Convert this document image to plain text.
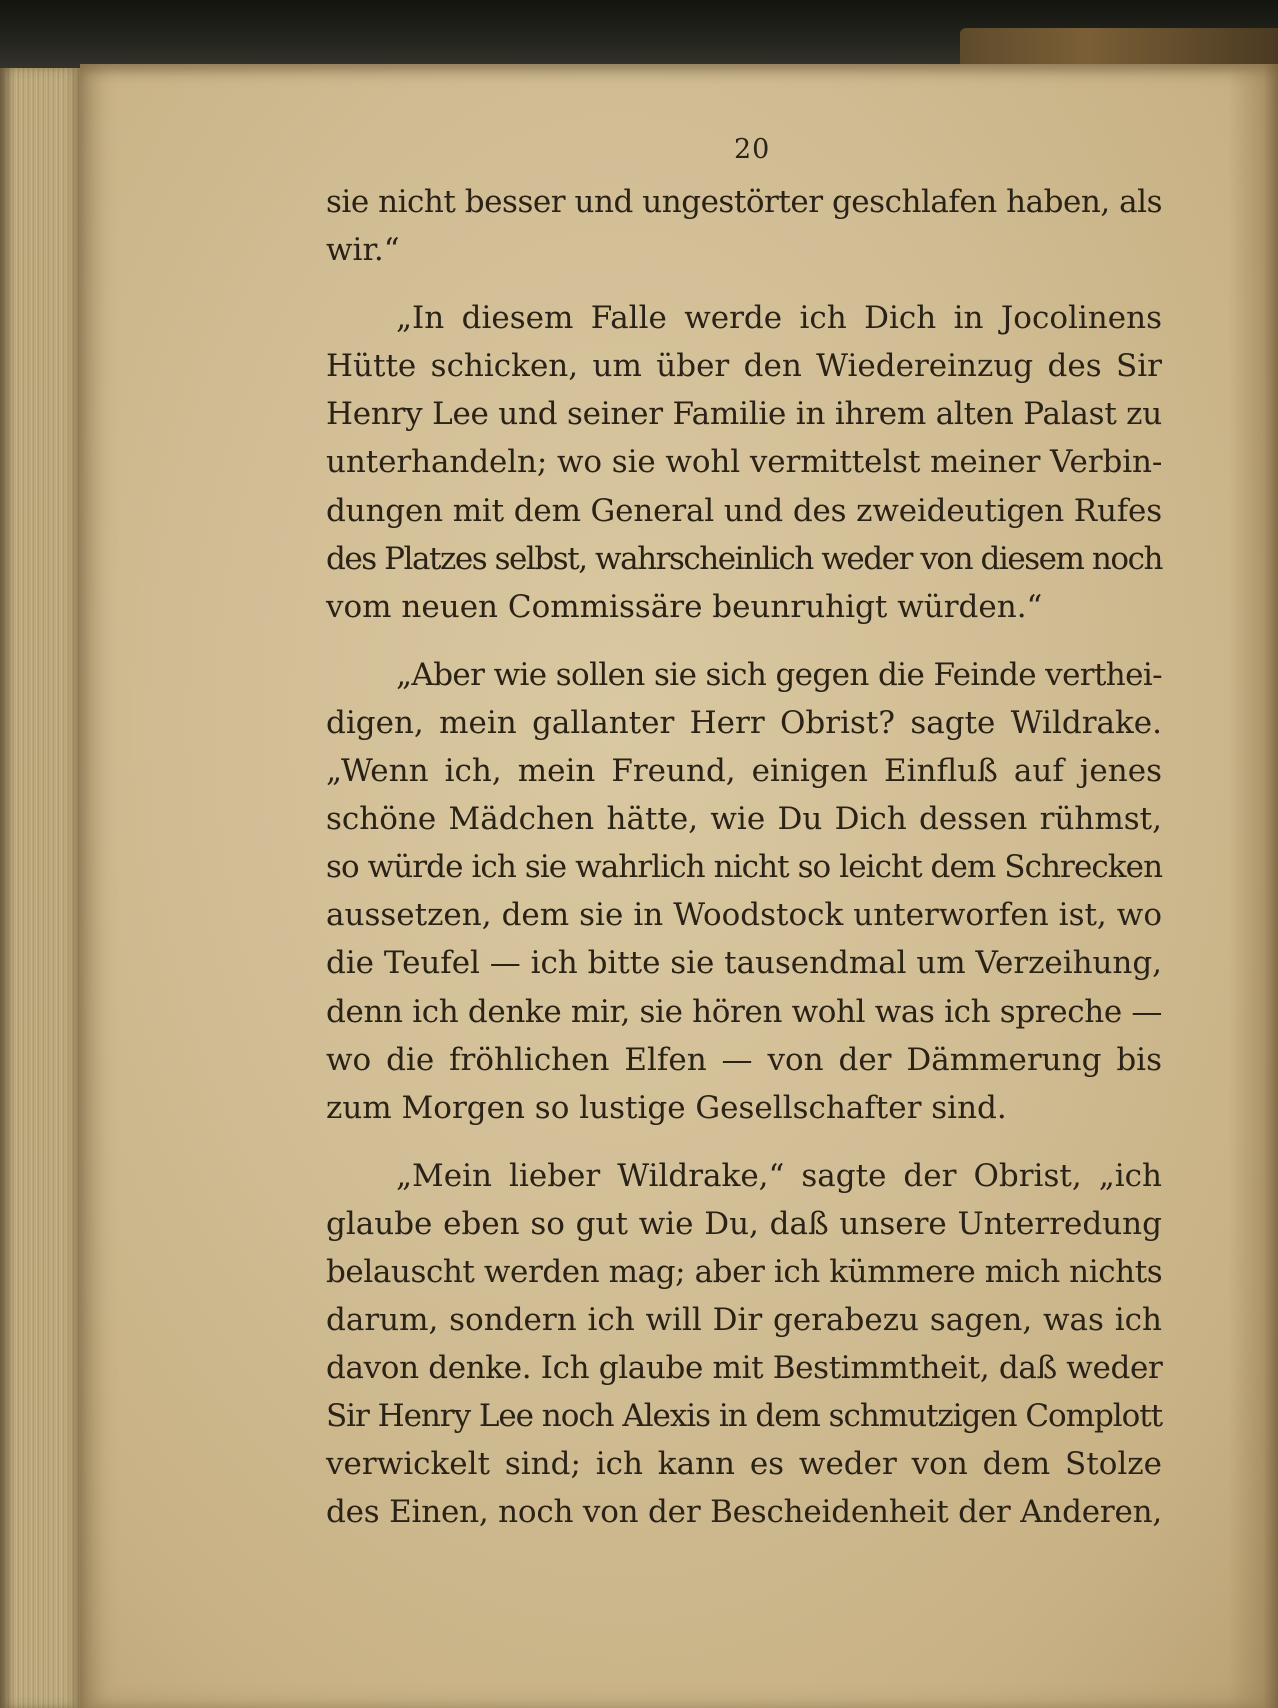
20
sie nicht besser und ungestörter geschlafen haben, als
wir.“
„In diesem Falle werde ich Dich in Jocolinens
Hütte schicken, um über den Wiedereinzug des Sir
Henry Lee und seiner Familie in ihrem alten Palast zu
unterhandeln; wo sie wohl vermittelst meiner Verbin-
dungen mit dem General und des zweideutigen Rufes
des Platzes selbst, wahrscheinlich weder von diesem noch
vom neuen Commissäre beunruhigt würden.“
„Aber wie sollen sie sich gegen die Feinde verthei-
digen, mein gallanter Herr Obrist? sagte Wildrake.
„Wenn ich, mein Freund, einigen Einfluß auf jenes
schöne Mädchen hätte, wie Du Dich dessen rühmst,
so würde ich sie wahrlich nicht so leicht dem Schrecken
aussetzen, dem sie in Woodstock unterworfen ist, wo
die Teufel — ich bitte sie tausendmal um Verzeihung,
denn ich denke mir, sie hören wohl was ich spreche —
wo die fröhlichen Elfen — von der Dämmerung bis
zum Morgen so lustige Gesellschafter sind.
„Mein lieber Wildrake,“ sagte der Obrist, „ich
glaube eben so gut wie Du, daß unsere Unterredung
belauscht werden mag; aber ich kümmere mich nichts
darum, sondern ich will Dir gerabezu sagen, was ich
davon denke. Ich glaube mit Bestimmtheit, daß weder
Sir Henry Lee noch Alexis in dem schmutzigen Complott
verwickelt sind; ich kann es weder von dem Stolze
des Einen, noch von der Bescheidenheit der Anderen,
